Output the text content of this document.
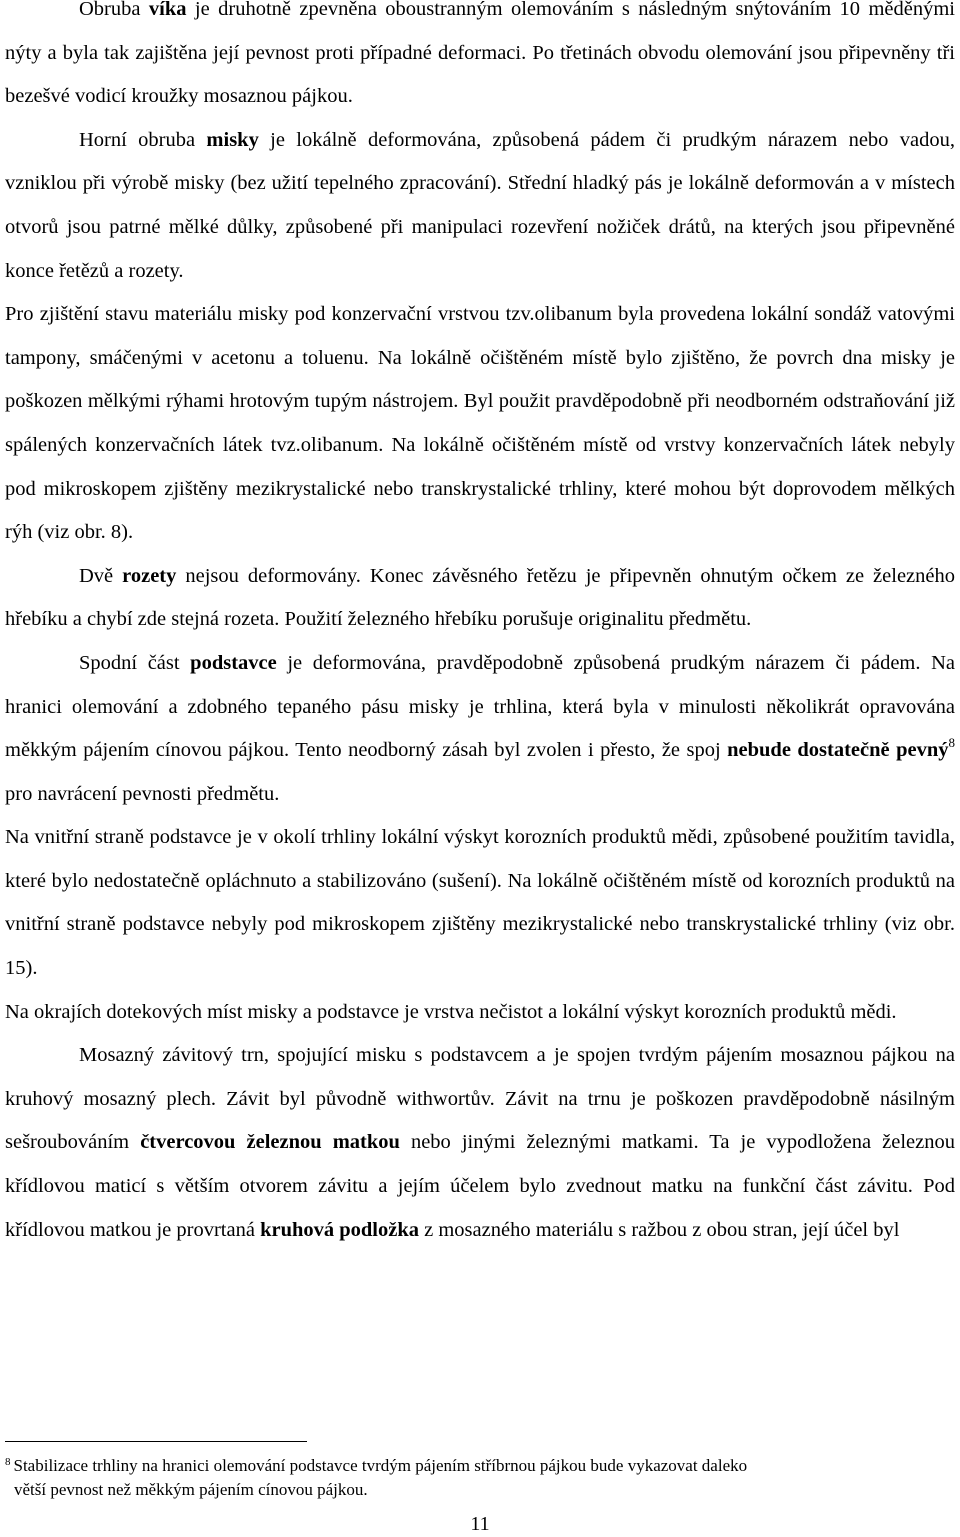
Obruba víka je druhotně zpevněna oboustranným olemováním s následným snýtováním 10 měděnými nýty a byla tak zajištěna její pevnost proti případné deformaci. Po třetinách obvodu olemování jsou připevněny tři bezešvé vodicí kroužky mosaznou pájkou.

Horní obruba misky je lokálně deformována, způsobená pádem či prudkým nárazem nebo vadou, vzniklou při výrobě misky (bez užití tepelného zpracování). Střední hladký pás je lokálně deformován a v místech otvorů jsou patrné mělké důlky, způsobené při manipulaci rozevření nožiček drátů, na kterých jsou připevněné konce řetězů a rozety.

Pro zjištění stavu materiálu misky pod konzervační vrstvou tzv.olibanum byla provedena lokální sondáž vatovými tampony, smáčenými v acetonu a toluenu. Na lokálně očištěném místě bylo zjištěno, že povrch dna misky je poškozen mělkými rýhami hrotovým tupým nástrojem. Byl použit pravděpodobně při neodborném odstraňování již spálených konzervačních látek tvz.olibanum. Na lokálně očištěném místě od vrstvy konzervačních látek nebyly pod mikroskopem zjištěny mezikrystalické nebo transkrystalické trhliny, které mohou být doprovodem mělkých rýh (viz obr. 8).

Dvě rozety nejsou deformovány. Konec závěsného řetězu je připevněn ohnutým očkem ze železného hřebíku a chybí zde stejná rozeta. Použití železného hřebíku porušuje originalitu předmětu.

Spodní část podstavce je deformována, pravděpodobně způsobená prudkým nárazem či pádem. Na hranici olemování a zdobného tepaného pásu misky je trhlina, která byla v minulosti několikrát opravována měkkým pájením cínovou pájkou. Tento neodborný zásah byl zvolen i přesto, že spoj nebude dostatečně pevný$^8$ pro navrácení pevnosti předmětu.

Na vnitřní straně podstavce je v okolí trhliny lokální výskyt korozních produktů mědi, způsobené použitím tavidla, které bylo nedostatečně opláchnuto a stabilizováno (sušení). Na lokálně očištěném místě od korozních produktů na vnitřní straně podstavce nebyly pod mikroskopem zjištěny mezikrystalické nebo transkrystalické trhliny (viz obr. 15).

Na okrajích dotekových míst misky a podstavce je vrstva nečistot a lokální výskyt korozních produktů mědi.

Mosazný závitový trn, spojující misku s podstavcem a je spojen tvrdým pájením mosaznou pájkou na kruhový mosazný plech. Závit byl původně withwortův. Závit na trnu je poškozen pravděpodobně násilným sešroubováním čtvercovou železnou matkou nebo jinými železnými matkami. Ta je vypodložena železnou křídlovou maticí s větším otvorem závitu a jejím účelem bylo zvednout matku na funkční část závitu. Pod křídlovou matkou je provrtaná kruhová podložka z mosazného materiálu s ražbou z obou stran, její účel byl

$^8$ Stabilizace trhliny na hranici olemování podstavce tvrdým pájením stříbrnou pájkou bude vykazovat daleko
větší pevnost než měkkým pájením cínovou pájkou.
11
